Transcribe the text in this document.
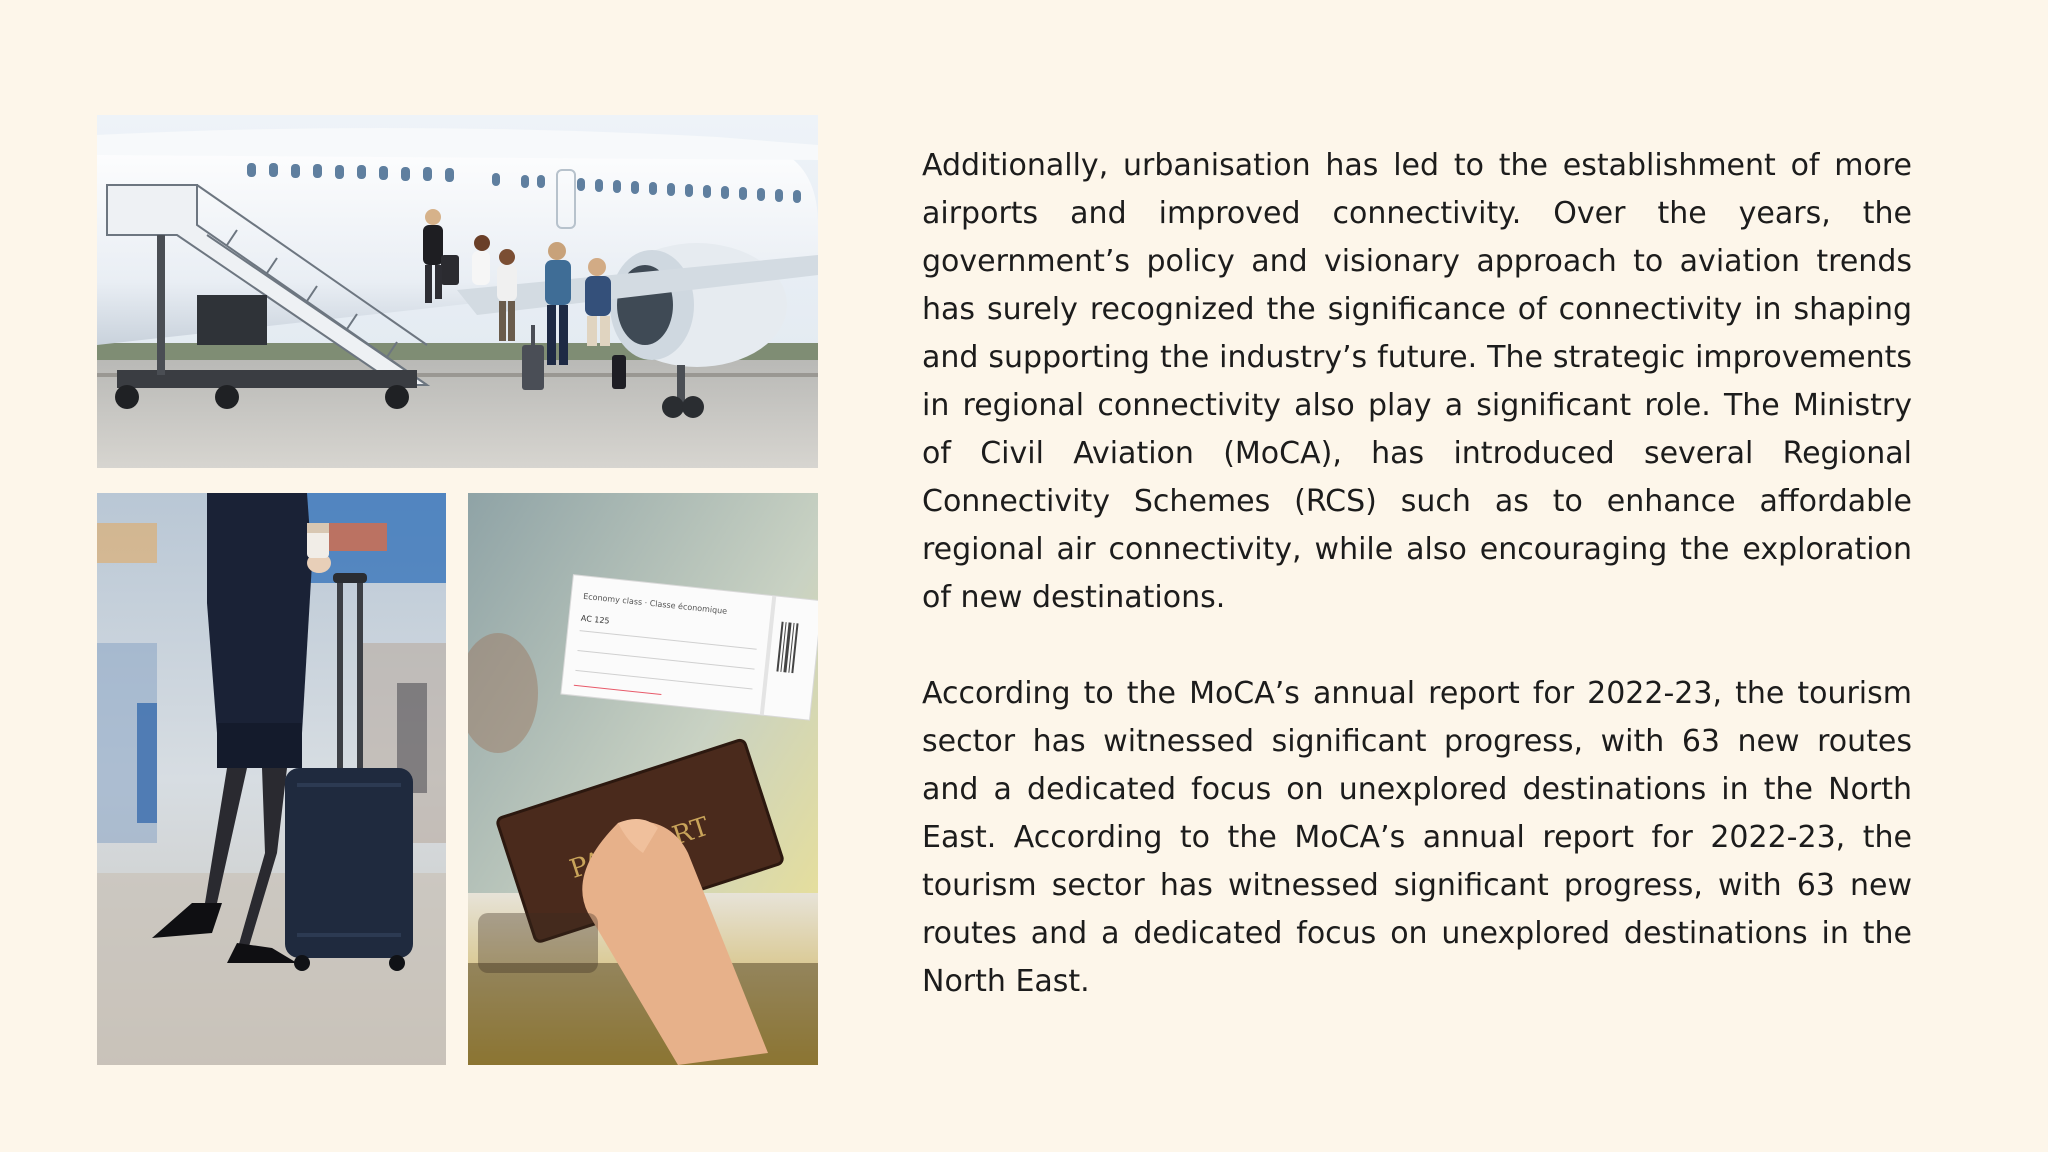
Economy class · Classe économique
AC 125

Additionally, urbanisation has led to the establishment of more airports and improved connectivity. Over the years, the government’s policy and visionary approach to aviation trends has surely recognized the significance of connectivity in shaping and supporting the industry’s future. The strategic improvements in regional connectivity also play a significant role. The Ministry of Civil Aviation (MoCA), has introduced several Regional Connectivity Schemes (RCS) such as to enhance affordable regional air connectivity, while also encouraging the exploration of new destinations.

According to the MoCA’s annual report for 2022-23, the tourism sector has witnessed significant progress, with 63 new routes and a dedicated focus on unexplored destinations in the North East. According to the MoCA’s annual report for 2022-23, the tourism sector has witnessed significant progress, with 63 new routes and a dedicated focus on unexplored destinations in the North East.
